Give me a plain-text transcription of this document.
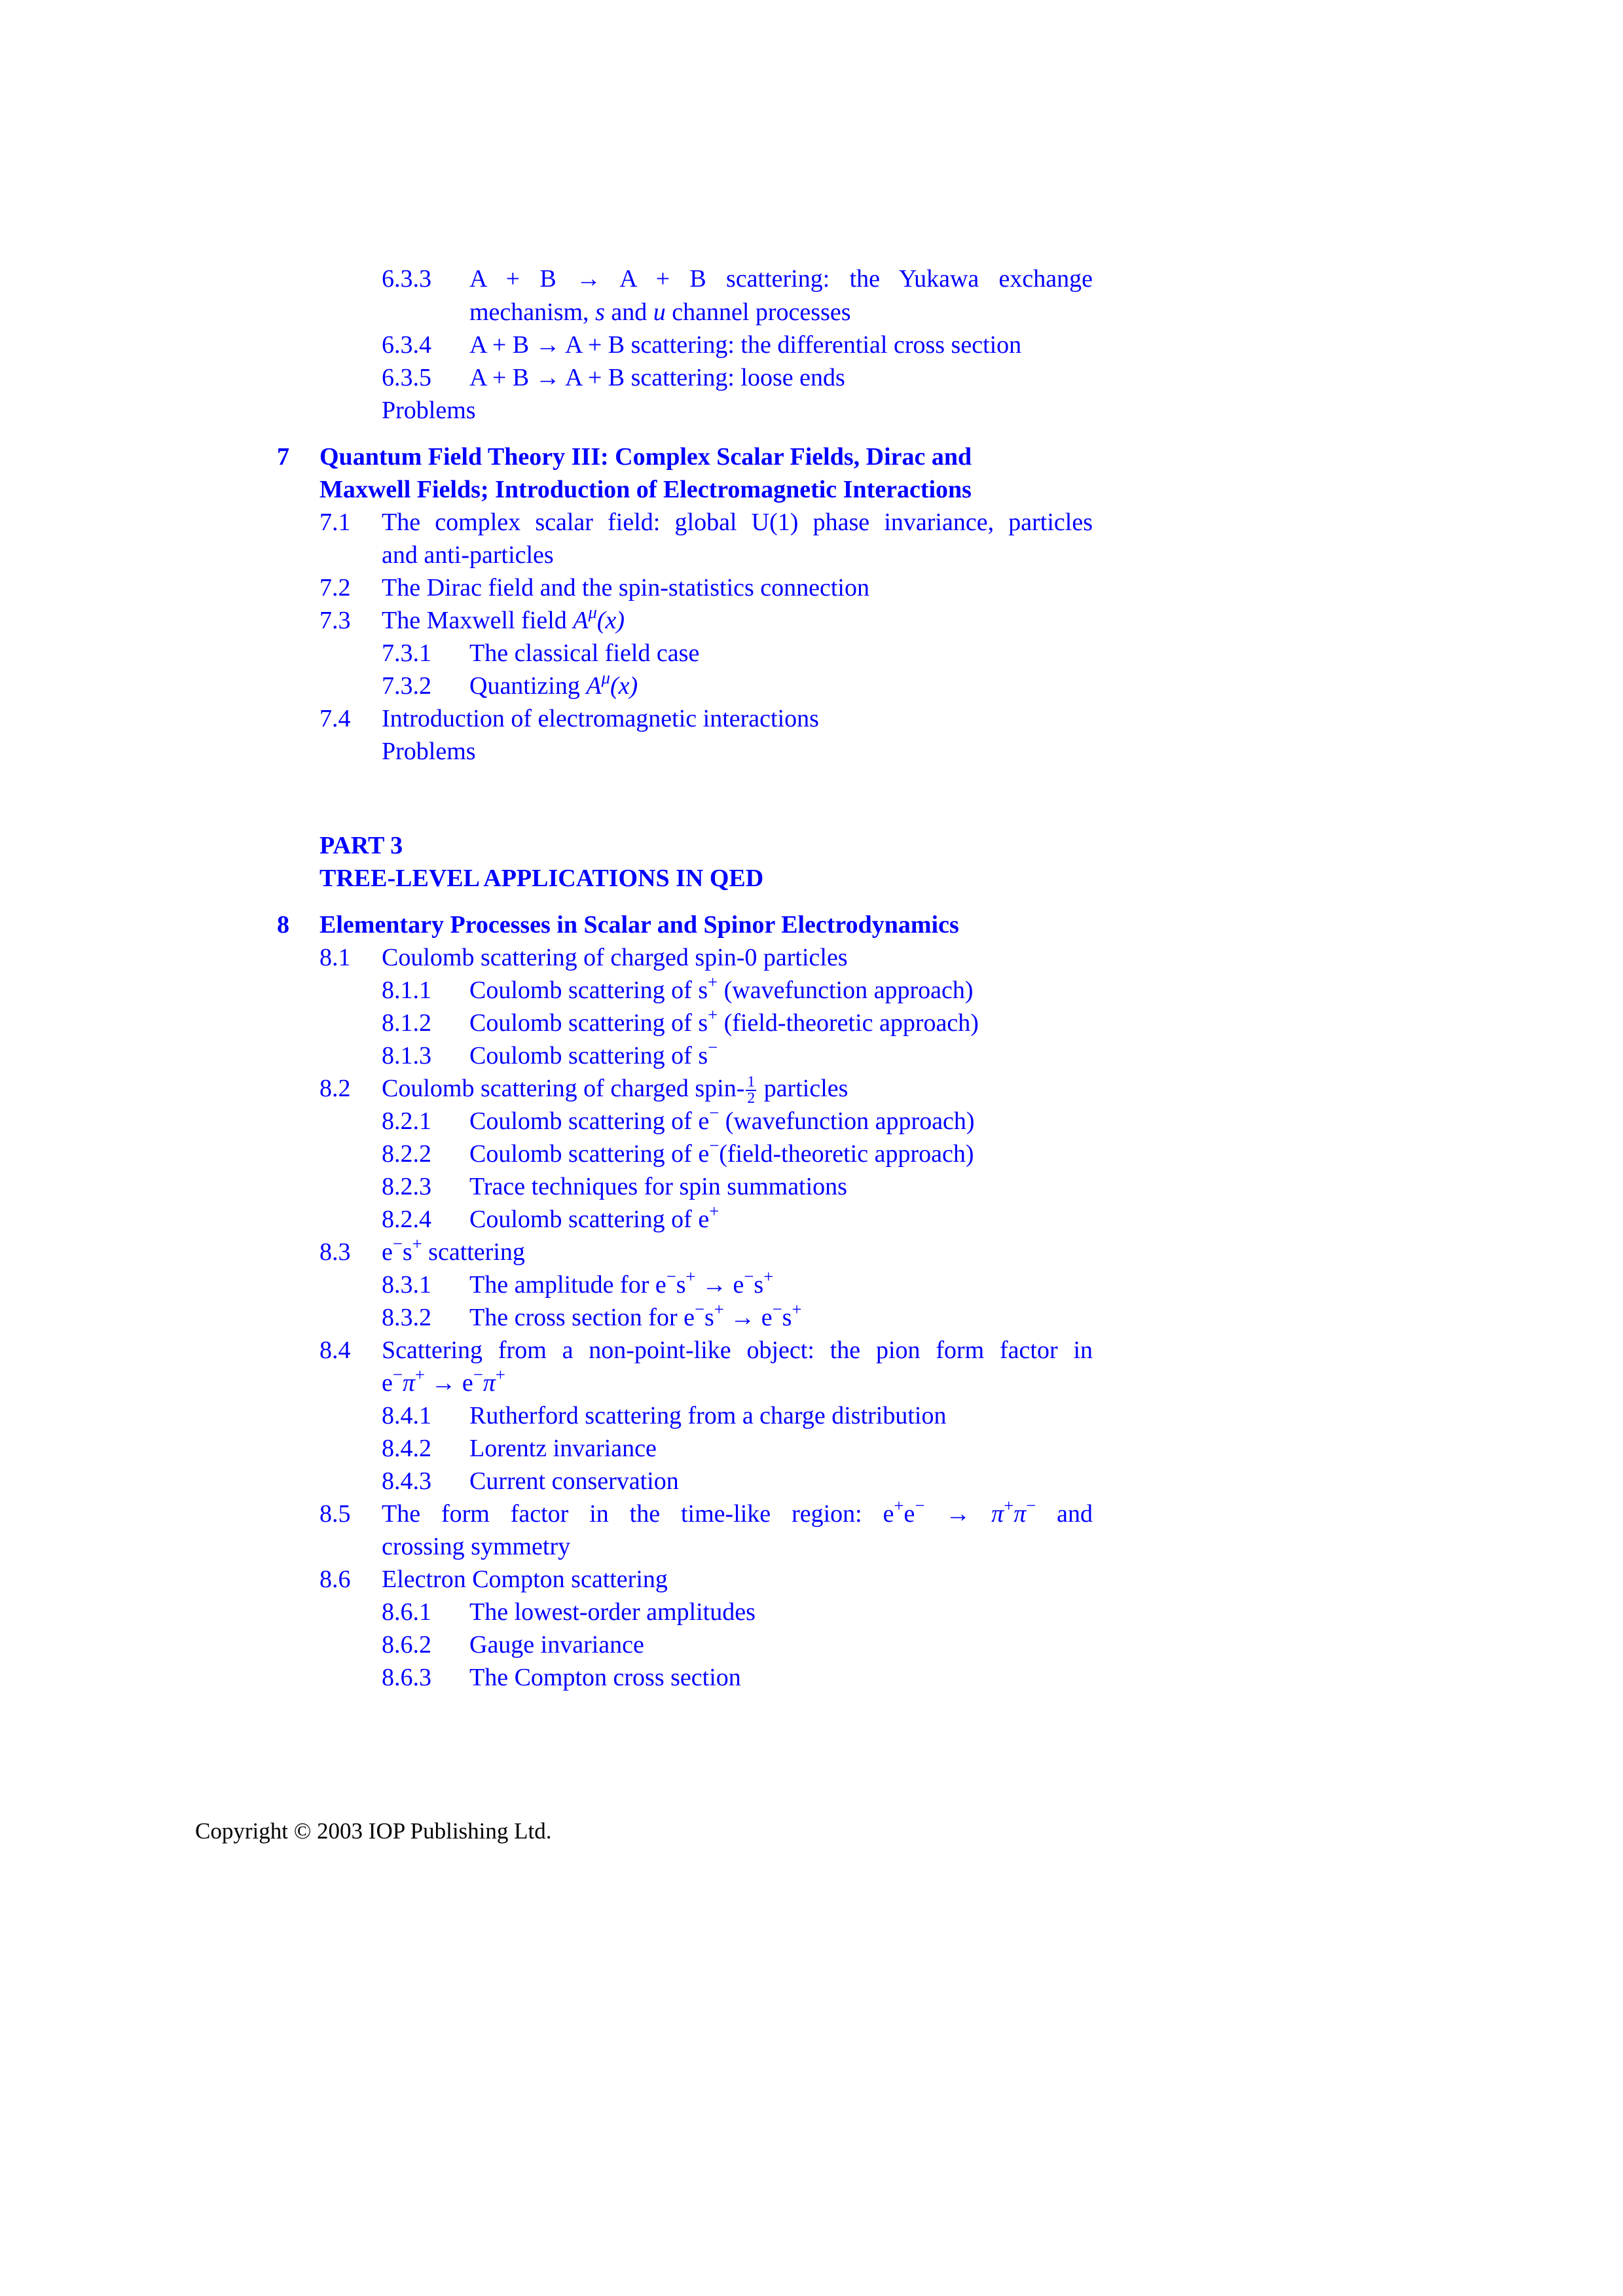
6.3.3 A + B → A + B scattering: the Yukawa exchange
mechanism, s and u channel processes
6.3.4 A + B → A + B scattering: the differential cross section
6.3.5 A + B → A + B scattering: loose ends
Problems
7 Quantum Field Theory III: Complex Scalar Fields, Dirac and
Maxwell Fields; Introduction of Electromagnetic Interactions
7.1 The complex scalar field: global U(1) phase invariance, particles
and anti-particles
7.2 The Dirac field and the spin-statistics connection
7.3 The Maxwell field $A^\mu(x)$
7.3.1 The classical field case
7.3.2 Quantizing $A^\mu(x)$
7.4 Introduction of electromagnetic interactions
Problems
PART 3
TREE-LEVEL APPLICATIONS IN QED
8 Elementary Processes in Scalar and Spinor Electrodynamics
8.1 Coulomb scattering of charged spin-0 particles
8.1.1 Coulomb scattering of s+ (wavefunction approach)
8.1.2 Coulomb scattering of s+ (field-theoretic approach)
8.1.3 Coulomb scattering of s−
8.2 Coulomb scattering of charged spin- $\frac{1}{2}$ particles
8.2.1 Coulomb scattering of e− (wavefunction approach)
8.2.2 Coulomb scattering of e−(field-theoretic approach)
8.2.3 Trace techniques for spin summations
8.2.4 Coulomb scattering of e+
8.3 e−s+ scattering
8.3.1 The amplitude for e−s+ → e−s+
8.3.2 The cross section for e−s+ → e−s+
8.4 Scattering from a non-point-like object: the pion form factor in
e−π+ → e−π+
8.4.1 Rutherford scattering from a charge distribution
8.4.2 Lorentz invariance
8.4.3 Current conservation
8.5 The form factor in the time-like region: e+e− → π+π− and
crossing symmetry
8.6 Electron Compton scattering
8.6.1 The lowest-order amplitudes
8.6.2 Gauge invariance
8.6.3 The Compton cross section
Copyright © 2003 IOP Publishing Ltd.
